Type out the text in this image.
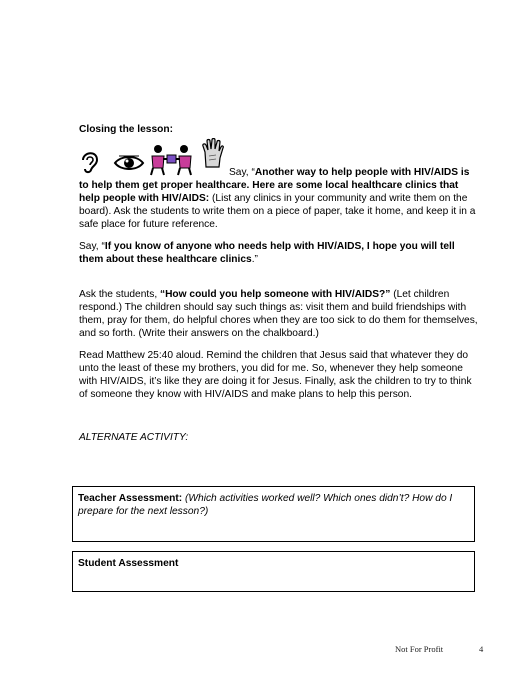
Closing the lesson:

Say, “Another way to help people with HIV/AIDS is to help them get proper healthcare. Here are some local healthcare clinics that help people with HIV/AIDS: (List any clinics in your community and write them on the board). Ask the students to write them on a piece of paper, take it home, and keep it in a safe place for future reference.

Say, “If you know of anyone who needs help with HIV/AIDS, I hope you will tell them about these healthcare clinics.”

Ask the students, “How could you help someone with HIV/AIDS?” (Let children respond.) The children should say such things as: visit them and build friendships with them, pray for them, do helpful chores when they are too sick to do them for themselves, and so forth. (Write their answers on the chalkboard.)

Read Matthew 25:40 aloud. Remind the children that Jesus said that whatever they do unto the least of these my brothers, you did for me. So, whenever they help someone with HIV/AIDS, it’s like they are doing it for Jesus. Finally, ask the children to try to think of someone they know with HIV/AIDS and make plans to help this person.

ALTERNATE ACTIVITY:
Teacher Assessment: (Which activities worked well? Which ones didn’t? How do I prepare for the next lesson?)
Student Assessment
Not For Profit	4
